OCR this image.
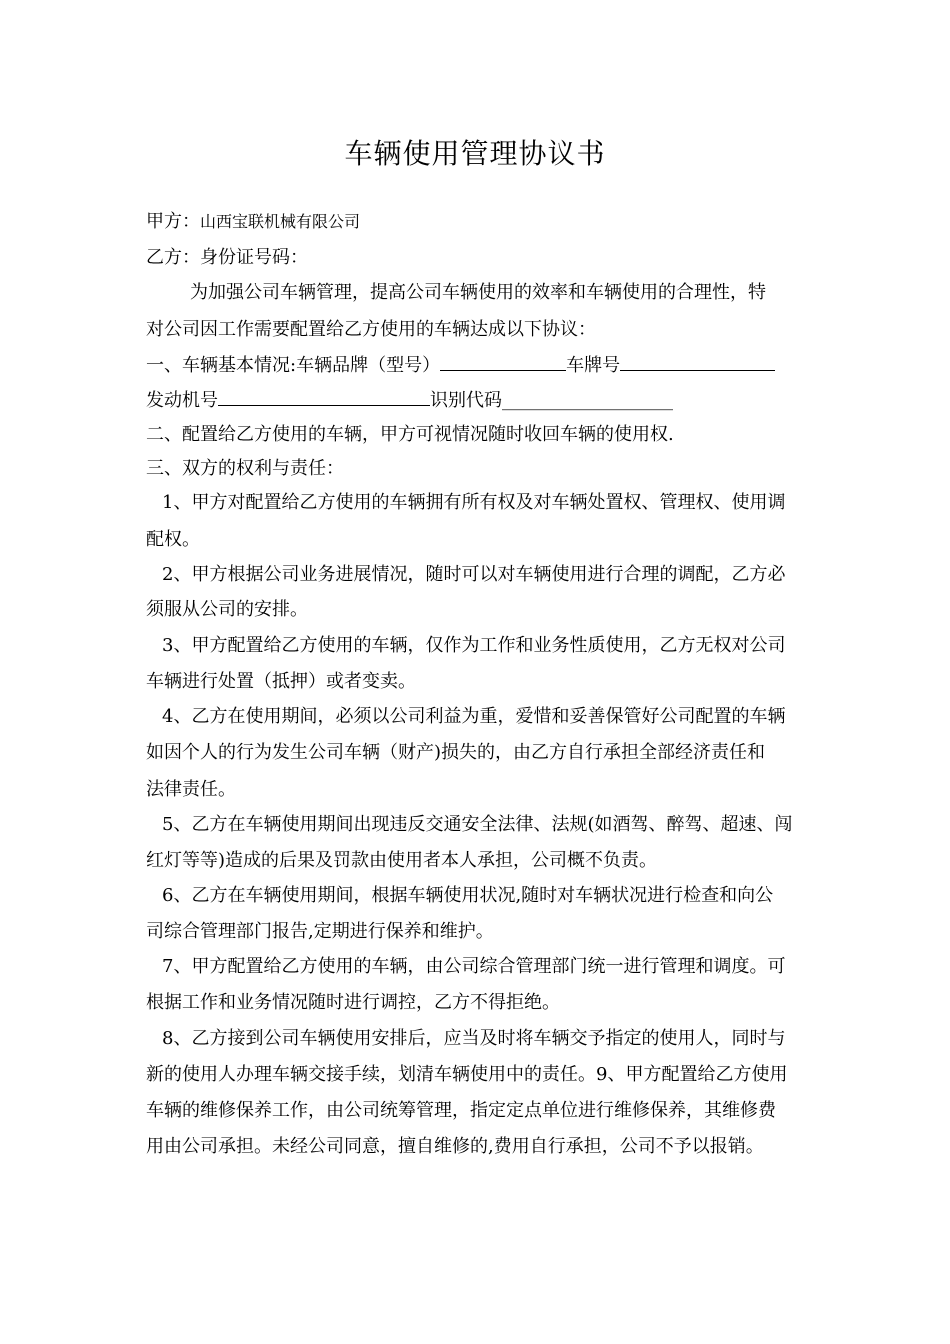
车辆使用管理协议书
甲方：山西宝联机械有限公司
乙方：身份证号码：
为加强公司车辆管理，提高公司车辆使用的效率和车辆使用的合理性，特
对公司因工作需要配置给乙方使用的车辆达成以下协议：
一、车辆基本情况:车辆品牌（型号）	车牌号
发动机号	识别代码___________________
二、配置给乙方使用的车辆，甲方可视情况随时收回车辆的使用权.
三、双方的权利与责任：
1、甲方对配置给乙方使用的车辆拥有所有权及对车辆处置权、管理权、使用调
配权。
2、甲方根据公司业务进展情况，随时可以对车辆使用进行合理的调配，乙方必
须服从公司的安排。
3、甲方配置给乙方使用的车辆，仅作为工作和业务性质使用，乙方无权对公司
车辆进行处置（抵押）或者变卖。
4、乙方在使用期间，必须以公司利益为重，爱惜和妥善保管好公司配置的车辆
如因个人的行为发生公司车辆（财产)损失的，由乙方自行承担全部经济责任和
法律责任。
5、乙方在车辆使用期间出现违反交通安全法律、法规(如酒驾、醉驾、超速、闯
红灯等等)造成的后果及罚款由使用者本人承担，公司概不负责。
6、乙方在车辆使用期间，根据车辆使用状况,随时对车辆状况进行检查和向公
司综合管理部门报告,定期进行保养和维护。
7、甲方配置给乙方使用的车辆，由公司综合管理部门统一进行管理和调度。可
根据工作和业务情况随时进行调控，乙方不得拒绝。
8、乙方接到公司车辆使用安排后，应当及时将车辆交予指定的使用人，同时与
新的使用人办理车辆交接手续，划清车辆使用中的责任。9、甲方配置给乙方使用
车辆的维修保养工作，由公司统筹管理，指定定点单位进行维修保养，其维修费
用由公司承担。未经公司同意，擅自维修的,费用自行承担，公司不予以报销。
